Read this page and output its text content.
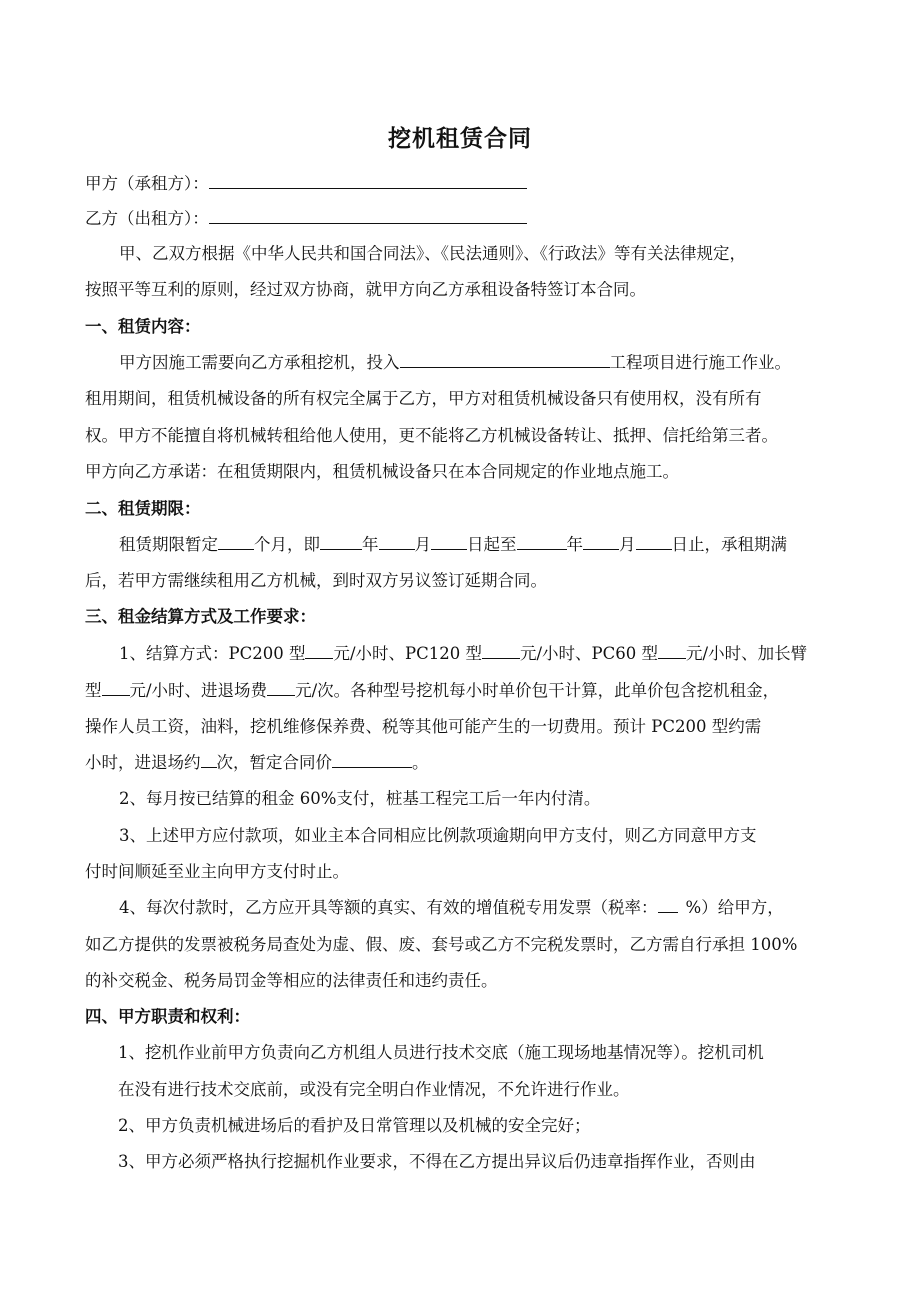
挖机租赁合同
甲方（承租方）：
乙方（出租方）：
甲、乙双方根据《中华人民共和国合同法》、《民法通则》、《行政法》等有关法律规定，
按照平等互利的原则，经过双方协商，就甲方向乙方承租设备特签订本合同。
一、租赁内容：
甲方因施工需要向乙方承租挖机，投入	工程项目进行施工作业。
租用期间，租赁机械设备的所有权完全属于乙方，甲方对租赁机械设备只有使用权，没有所有
权。甲方不能擅自将机械转租给他人使用，更不能将乙方机械设备转让、抵押、信托给第三者。
甲方向乙方承诺：在租赁期限内，租赁机械设备只在本合同规定的作业地点施工。
二、租赁期限：
租赁期限暂定 个月，即	年 月 日起至	年 月 日止，承租期满
后，若甲方需继续租用乙方机械，到时双方另议签订延期合同。
三、租金结算方式及工作要求：
1、结算方式：PC200 型 元/小时、PC120 型 元/小时、PC60 型 元/小时、加长臂
型 元/小时、进退场费 元/次。各种型号挖机每小时单价包干计算，此单价包含挖机租金，
操作人员工资，油料，挖机维修保养费、税等其他可能产生的一切费用。预计 PC200 型约需
小时，进退场约 次，暂定合同价	。
2、每月按已结算的租金 60%支付，桩基工程完工后一年内付清。
3、上述甲方应付款项，如业主本合同相应比例款项逾期向甲方支付，则乙方同意甲方支
付时间顺延至业主向甲方支付时止。
4、每次付款时，乙方应开具等额的真实、有效的增值税专用发票（税率： %）给甲方，
如乙方提供的发票被税务局查处为虚、假、废、套号或乙方不完税发票时，乙方需自行承担 100%
的补交税金、税务局罚金等相应的法律责任和违约责任。
四、甲方职责和权利：
1、挖机作业前甲方负责向乙方机组人员进行技术交底（施工现场地基情况等）。挖机司机
在没有进行技术交底前，或没有完全明白作业情况，不允许进行作业。
2、甲方负责机械进场后的看护及日常管理以及机械的安全完好；
3、甲方必须严格执行挖掘机作业要求，不得在乙方提出异议后仍违章指挥作业，否则由
